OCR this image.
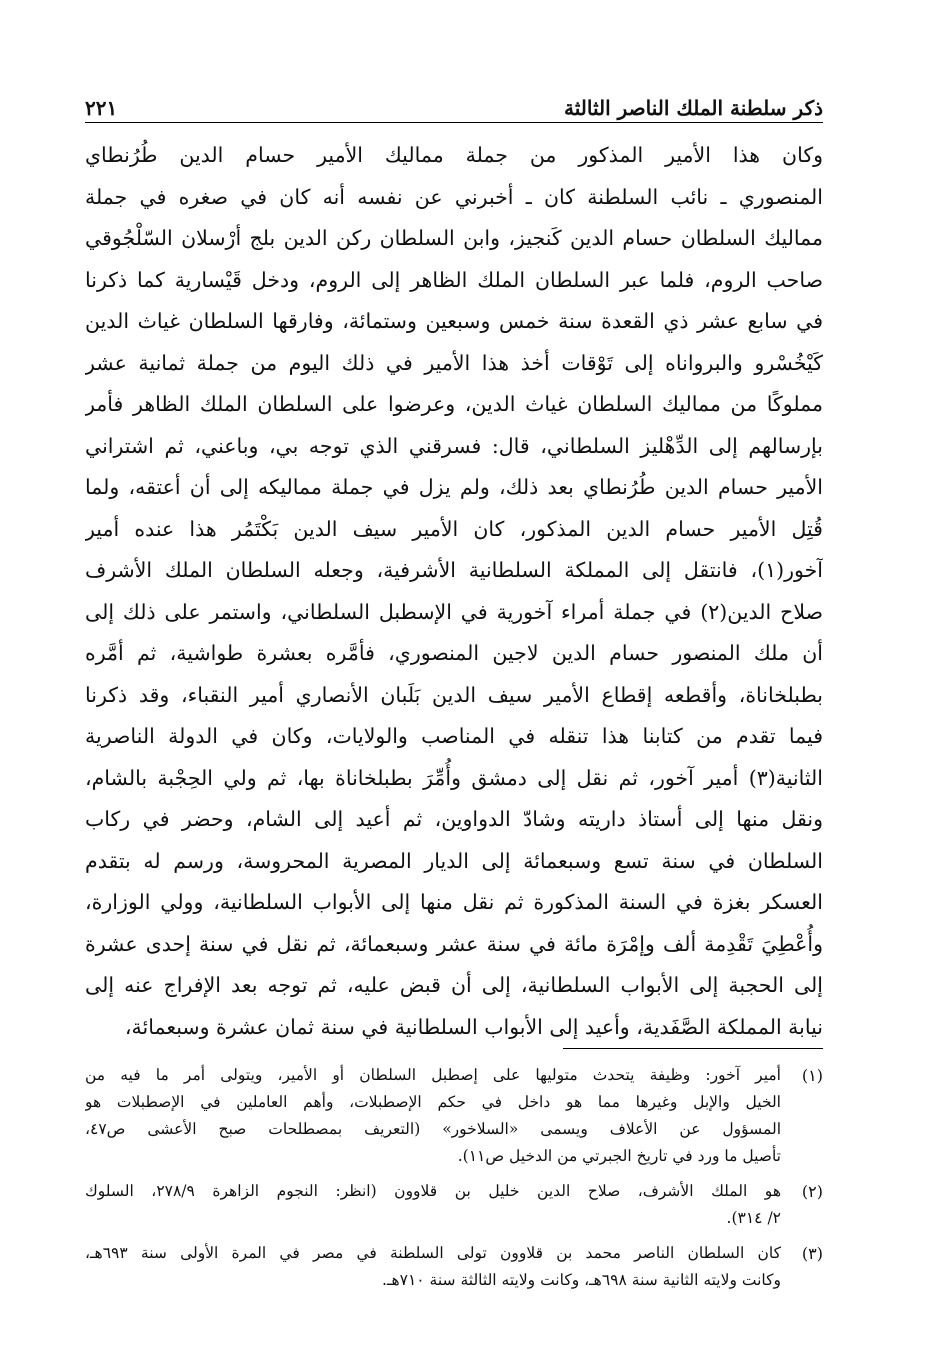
ذكر سلطنة الملك الناصر الثالثة
٢٢١
وكان هذا الأمير المذكور من جملة مماليك الأمير حسام الدين طُرُنطاي
المنصوري ـ نائب السلطنة كان ـ أخبرني عن نفسه أنه كان في صغره في جملة
مماليك السلطان حسام الدين كَنجيز، وابن السلطان ركن الدين بلج أرْسلان السّلْجُوقي
صاحب الروم، فلما عبر السلطان الملك الظاهر إلى الروم، ودخل قَيْسارية كما ذكرنا
في سابع عشر ذي القعدة سنة خمس وسبعين وستمائة، وفارقها السلطان غياث الدين
كَيْخُسْرو والبرواناه إلى تَوْقات أخذ هذا الأمير في ذلك اليوم من جملة ثمانية عشر
مملوكًا من مماليك السلطان غياث الدين، وعرضوا على السلطان الملك الظاهر فأمر
بإرسالهم إلى الدِّهْليز السلطاني، قال: فسرقني الذي توجه بي، وباعني، ثم اشتراني
الأمير حسام الدين طُرُنطاي بعد ذلك، ولم يزل في جملة مماليكه إلى أن أعتقه، ولما
قُتِل الأمير حسام الدين المذكور، كان الأمير سيف الدين بَكْتَمُر هذا عنده أمير
آخور(١)، فانتقل إلى المملكة السلطانية الأشرفية، وجعله السلطان الملك الأشرف
صلاح الدين(٢) في جملة أمراء آخورية في الإسطبل السلطاني، واستمر على ذلك إلى
أن ملك المنصور حسام الدين لاجين المنصوري، فأمَّره بعشرة طواشية، ثم أمَّره
بطبلخاناة، وأقطعه إقطاع الأمير سيف الدين بَلَبان الأنصاري أمير النقباء، وقد ذكرنا
فيما تقدم من كتابنا هذا تنقله في المناصب والولايات، وكان في الدولة الناصرية
الثانية(٣) أمير آخور، ثم نقل إلى دمشق وأُمِّرَ بطبلخاناة بها، ثم ولي الحِجْبة بالشام،
ونقل منها إلى أستاذ داريته وشادّ الدواوين، ثم أعيد إلى الشام، وحضر في ركاب
السلطان في سنة تسع وسبعمائة إلى الديار المصرية المحروسة، ورسم له بتقدم
العسكر بغزة في السنة المذكورة ثم نقل منها إلى الأبواب السلطانية، وولي الوزارة،
وأُعْطِيَ تَقْدِمة ألف وإمْرَة مائة في سنة عشر وسبعمائة، ثم نقل في سنة إحدى عشرة
إلى الحجبة إلى الأبواب السلطانية، إلى أن قبض عليه، ثم توجه بعد الإفراج عنه إلى
نيابة المملكة الصَّفَدية، وأعيد إلى الأبواب السلطانية في سنة ثمان عشرة وسبعمائة،
(١)
أمير آخور: وظيفة يتحدث متوليها على إصطبل السلطان أو الأمير، ويتولى أمر ما فيه من
الخيل والإبل وغيرها مما هو داخل في حكم الإصطبلات، وأهم العاملين في الإصطبلات هو
المسؤول عن الأعلاف ويسمى «السلاخور» (التعريف بمصطلحات صبح الأعشى ص٤٧،
تأصيل ما ورد في تاريخ الجبرتي من الدخيل ص١١).
(٢)
هو الملك الأشرف، صلاح الدين خليل بن قلاوون (انظر: النجوم الزاهرة ٢٧٨/٩، السلوك
٢/ ٣١٤).
(٣)
كان السلطان الناصر محمد بن قلاوون تولى السلطنة في مصر في المرة الأولى سنة ٦٩٣هـ،
وكانت ولايته الثانية سنة ٦٩٨هـ، وكانت ولايته الثالثة سنة ٧١٠هـ.
